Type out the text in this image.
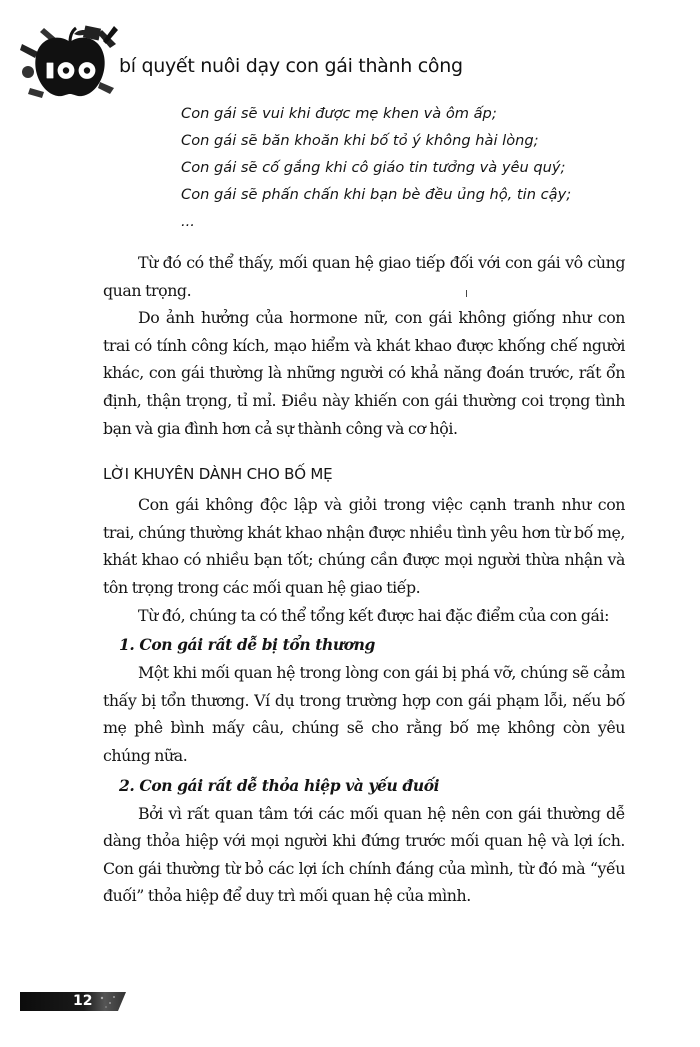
bí quyết nuôi dạy con gái thành công
Con gái sẽ vui khi được mẹ khen và ôm ấp;
Con gái sẽ băn khoăn khi bố tỏ ý không hài lòng;
Con gái sẽ cố gắng khi cô giáo tin tưởng và yêu quý;
Con gái sẽ phấn chấn khi bạn bè đều ủng hộ, tin cậy;
...

Từ đó có thể thấy, mối quan hệ giao tiếp đối với con gái vô cùng quan trọng.

Do ảnh hưởng của hormone nữ, con gái không giống như con trai có tính công kích, mạo hiểm và khát khao được khống chế người khác, con gái thường là những người có khả năng đoán trước, rất ổn định, thận trọng, tỉ mỉ. Điều này khiến con gái thường coi trọng tình bạn và gia đình hơn cả sự thành công và cơ hội.

LỜI KHUYÊN DÀNH CHO BỐ MẸ

Con gái không độc lập và giỏi trong việc cạnh tranh như con trai, chúng thường khát khao nhận được nhiều tình yêu hơn từ bố mẹ, khát khao có nhiều bạn tốt; chúng cần được mọi người thừa nhận và tôn trọng trong các mối quan hệ giao tiếp.

Từ đó, chúng ta có thể tổng kết được hai đặc điểm của con gái:

1. Con gái rất dễ bị tổn thương

Một khi mối quan hệ trong lòng con gái bị phá vỡ, chúng sẽ cảm thấy bị tổn thương. Ví dụ trong trường hợp con gái phạm lỗi, nếu bố mẹ phê bình mấy câu, chúng sẽ cho rằng bố mẹ không còn yêu chúng nữa.

2. Con gái rất dễ thỏa hiệp và yếu đuối

Bởi vì rất quan tâm tới các mối quan hệ nên con gái thường dễ dàng thỏa hiệp với mọi người khi đứng trước mối quan hệ và lợi ích. Con gái thường từ bỏ các lợi ích chính đáng của mình, từ đó mà “yếu đuối” thỏa hiệp để duy trì mối quan hệ của mình.

12
